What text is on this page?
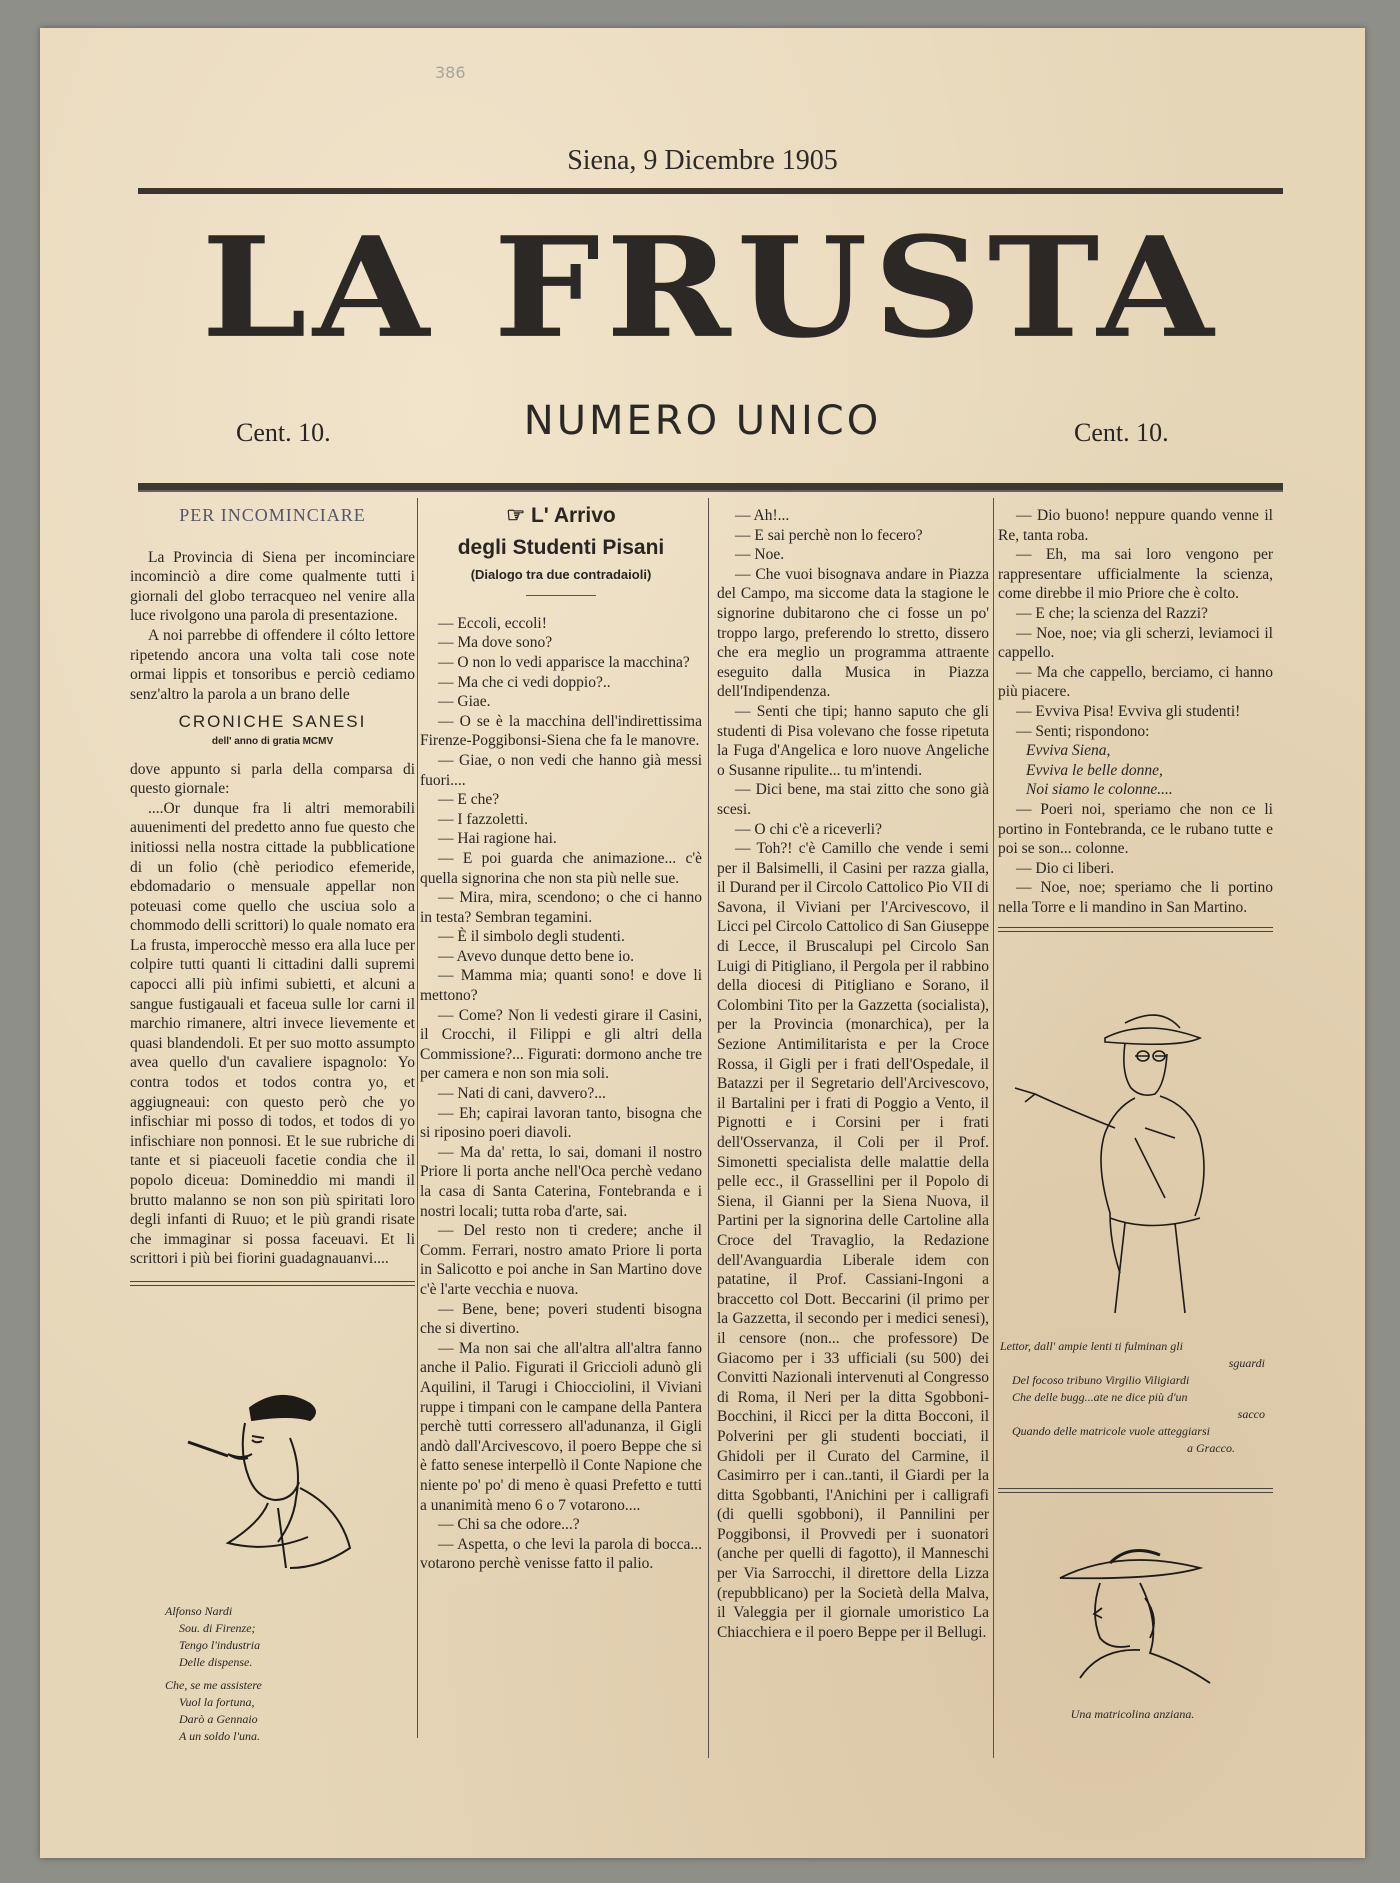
386
Siena, 9 Dicembre 1905
LA FRUSTA
Cent. 10.	NUMERO UNICO	Cent. 10.
PER INCOMINCIARE

La Provincia di Siena per incominciare incominciò a dire come qualmente tutti i giornali del globo terracqueo nel venire alla luce rivolgono una parola di presentazione.

A noi parrebbe di offendere il cólto lettore ripetendo ancora una volta tali cose note ormai lippis et tonsoribus e perciò cediamo senz'altro la parola a un brano delle

CRONICHE SANESI
dell' anno di gratia MCMV

dove appunto si parla della comparsa di questo giornale:

....Or dunque fra li altri memorabili auuenimenti del predetto anno fue questo che initiossi nella nostra cittade la pubblicatione di un folio (chè periodico efemeride, ebdomadario o mensuale appellar non poteuasi come quello che usciua solo a chommodo delli scrittori) lo quale nomato era La frusta, imperocchè messo era alla luce per colpire tutti quanti li cittadini dalli supremi capocci alli più infimi subietti, et alcuni a sangue fustigauali et faceua sulle lor carni il marchio rimanere, altri invece lievemente et quasi blandendoli. Et per suo motto assumpto avea quello d'un cavaliere ispagnolo: Yo contra todos et todos contra yo, et aggiugneaui: con questo però che yo infischiar mi posso di todos, et todos di yo infischiare non ponnosi. Et le sue rubriche di tante et si piaceuoli facetie condia che il popolo diceua: Domineddio mi mandi il brutto malanno se non son più spiritati loro degli infanti di Ruuo; et le più grandi risate che immaginar si possa faceuavi. Et li scrittori i più bei fiorini guadagnauanvi....

Alfonso Nardi
Sou. di Firenze;
Tengo l'industria
Delle dispense.
Che, se me assistere
Vuol la fortuna,
Darò a Gennaio
A un soldo l'una.
☞ L' Arrivo
degli Studenti Pisani
(Dialogo tra due contradaioli)

— Eccoli, eccoli!

— Ma dove sono?

— O non lo vedi apparisce la macchina?

— Ma che ci vedi doppio?..

— Giae.

— O se è la macchina dell'indirettissima Firenze-Poggibonsi-Siena che fa le manovre.

— Giae, o non vedi che hanno già messi fuori....

— E che?

— I fazzoletti.

— Hai ragione hai.

— E poi guarda che animazione... c'è quella signorina che non sta più nelle sue.

— Mira, mira, scendono; o che ci hanno in testa? Sembran tegamini.

— È il simbolo degli studenti.

— Avevo dunque detto bene io.

— Mamma mia; quanti sono! e dove li mettono?

— Come? Non li vedesti girare il Casini, il Crocchi, il Filippi e gli altri della Commissione?... Figurati: dormono anche tre per camera e non son mia soli.

— Nati di cani, davvero?...

— Eh; capirai lavoran tanto, bisogna che si riposino poeri diavoli.

— Ma da' retta, lo sai, domani il nostro Priore li porta anche nell'Oca perchè vedano la casa di Santa Caterina, Fontebranda e i nostri locali; tutta roba d'arte, sai.

— Del resto non ti credere; anche il Comm. Ferrari, nostro amato Priore li porta in Salicotto e poi anche in San Martino dove c'è l'arte vecchia e nuova.

— Bene, bene; poveri studenti bisogna che si divertino.

— Ma non sai che all'altra all'altra fanno anche il Palio. Figurati il Griccioli adunò gli Aquilini, il Tarugi i Chiocciolini, il Viviani ruppe i timpani con le campane della Pantera perchè tutti corressero all'adunanza, il Gigli andò dall'Arcivescovo, il poero Beppe che si è fatto senese interpellò il Conte Napione che niente po' po' di meno è quasi Prefetto e tutti a unanimità meno 6 o 7 votarono....

— Chi sa che odore...?

— Aspetta, o che levi la parola di bocca... votarono perchè venisse fatto il palio.

— Ah!...

— E sai perchè non lo fecero?

— Noe.

— Che vuoi bisognava andare in Piazza del Campo, ma siccome data la stagione le signorine dubitarono che ci fosse un po' troppo largo, preferendo lo stretto, dissero che era meglio un programma attraente eseguito dalla Musica in Piazza dell'Indipendenza.

— Senti che tipi; hanno saputo che gli studenti di Pisa volevano che fosse ripetuta la Fuga d'Angelica e loro nuove Angeliche o Susanne ripulite... tu m'intendi.

— Dici bene, ma stai zitto che sono già scesi.

— O chi c'è a riceverli?

— Toh?! c'è Camillo che vende i semi per il Balsimelli, il Casini per razza gialla, il Durand per il Circolo Cattolico Pio VII di Savona, il Viviani per l'Arcivescovo, il Licci pel Circolo Cattolico di San Giuseppe di Lecce, il Bruscalupi pel Circolo San Luigi di Pitigliano, il Pergola per il rabbino della diocesi di Pitigliano e Sorano, il Colombini Tito per la Gazzetta (socialista), per la Provincia (monarchica), per la Sezione Antimilitarista e per la Croce Rossa, il Gigli per i frati dell'Ospedale, il Batazzi per il Segretario dell'Arcivescovo, il Bartalini per i frati di Poggio a Vento, il Pignotti e i Corsini per i frati dell'Osservanza, il Coli per il Prof. Simonetti specialista delle malattie della pelle ecc., il Grassellini per il Popolo di Siena, il Gianni per la Siena Nuova, il Partini per la signorina delle Cartoline alla Croce del Travaglio, la Redazione dell'Avanguardia Liberale idem con patatine, il Prof. Cassiani-Ingoni a braccetto col Dott. Beccarini (il primo per la Gazzetta, il secondo per i medici senesi), il censore (non... che professore) De Giacomo per i 33 ufficiali (su 500) dei Convitti Nazionali intervenuti al Congresso di Roma, il Neri per la ditta Sgobboni-Bocchini, il Ricci per la ditta Bocconi, il Polverini per gli studenti bocciati, il Ghidoli per il Curato del Carmine, il Casimirro per i can..tanti, il Giardi per la ditta Sgobbanti, l'Anichini per i calligrafi (di quelli sgobboni), il Pannilini per Poggibonsi, il Provvedi per i suonatori (anche per quelli di fagotto), il Manneschi per Via Sarrocchi, il direttore della Lizza (repubblicano) per la Società della Malva, il Valeggia per il giornale umoristico La Chiacchiera e il poero Beppe per il Bellugi.

— Dio buono! neppure quando venne il Re, tanta roba.

— Eh, ma sai loro vengono per rappresentare ufficialmente la scienza, come direbbe il mio Priore che è colto.

— E che; la scienza del Razzi?

— Noe, noe; via gli scherzi, leviamoci il cappello.

— Ma che cappello, berciamo, ci hanno più piacere.

— Evviva Pisa! Evviva gli studenti!

— Senti; rispondono:

Evviva Siena,
Evviva le belle donne,
Noi siamo le colonne....

— Poeri noi, speriamo che non ce li portino in Fontebranda, ce le rubano tutte e poi se son... colonne.

— Dio ci liberi.

— Noe, noe; speriamo che li portino nella Torre e li mandino in San Martino.

Lettor, dall' ampie lenti ti fulminan gli
sguardi
Del focoso tribuno Virgilio Viligiardi
Che delle bugg...ate ne dice più d'un
sacco
Quando delle matricole vuole atteggiarsi
a Gracco.
Una matricolina anziana.
